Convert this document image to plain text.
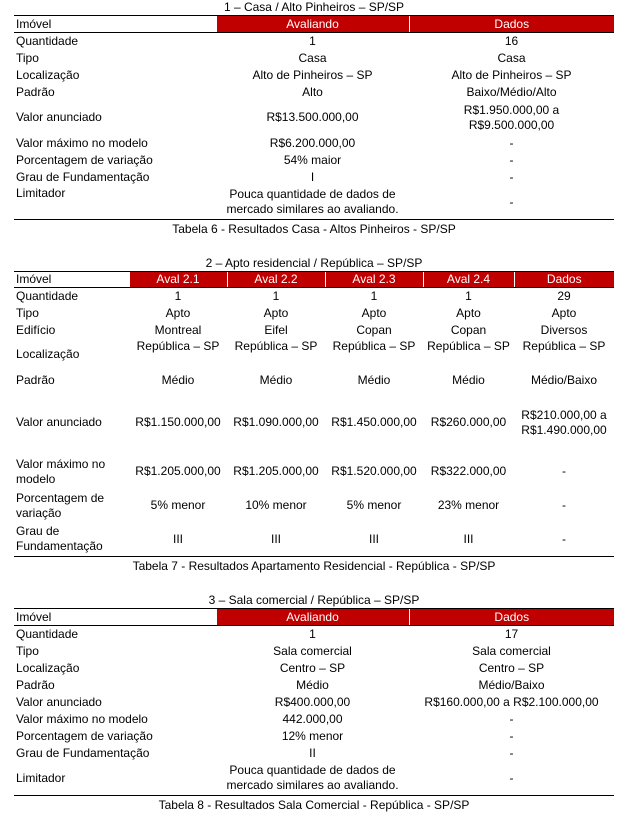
1 – Casa / Alto Pinheiros – SP/SP		
Imóvel	Avaliando	Dados
Quantidade	1	16
Tipo	Casa	Casa
Localização	Alto de Pinheiros – SP	Alto de Pinheiros – SP
Padrão	Alto	Baixo/Médio/Alto
Valor anunciado	R$13.500.000,00	R$1.950.000,00 a R$9.500.000,00
Valor máximo no modelo	R$6.200.000,00	-
Porcentagem de variação	54% maior	-
Grau de Fundamentação	I	-
Limitador	Pouca quantidade de dados de mercado similares ao avaliando.	-
Tabela 6 - Resultados Casa - Altos Pinheiros - SP/SP
2 – Apto residencial / República – SP/SP					
Imóvel	Aval 2.1	Aval 2.2	Aval 2.3	Aval 2.4	Dados
Quantidade	1	1	1	1	29
Tipo	Apto	Apto	Apto	Apto	Apto
Edifício	Montreal	Eifel	Copan	Copan	Diversos
Localização	República – SP	República – SP	República – SP	República – SP	República – SP
Padrão	Médio	Médio	Médio	Médio	Médio/Baixo
Valor anunciado	R$1.150.000,00	R$1.090.000,00	R$1.450.000,00	R$260.000,00	R$210.000,00 a R$1.490.000,00
Valor máximo no modelo	R$1.205.000,00	R$1.205.000,00	R$1.520.000,00	R$322.000,00	-
Porcentagem de variação	5% menor	10% menor	5% menor	23% menor	-
Grau de Fundamentação	III	III	III	III	-
Tabela 7 - Resultados Apartamento Residencial - República - SP/SP
3 – Sala comercial / República – SP/SP		
Imóvel	Avaliando	Dados
Quantidade	1	17
Tipo	Sala comercial	Sala comercial
Localização	Centro – SP	Centro – SP
Padrão	Médio	Médio/Baixo
Valor anunciado	R$400.000,00	R$160.000,00 a R$2.100.000,00
Valor máximo no modelo	442.000,00	-
Porcentagem de variação	12% menor	-
Grau de Fundamentação	II	-
Limitador	Pouca quantidade de dados de mercado similares ao avaliando.	-
Tabela 8 - Resultados Sala Comercial - República - SP/SP
